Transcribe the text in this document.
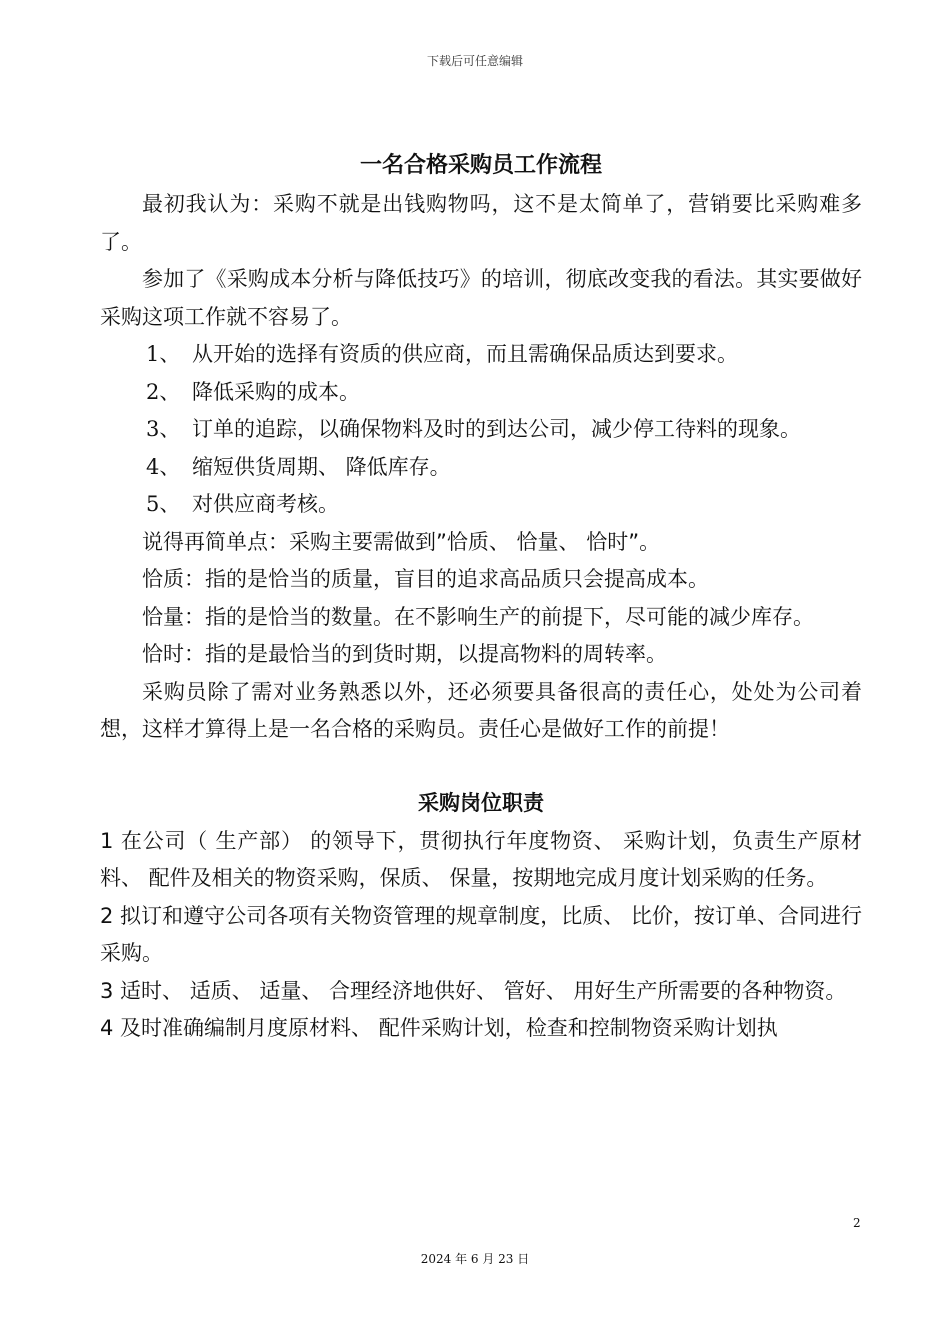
下载后可任意编辑

一名合格采购员工作流程

最初我认为：采购不就是出钱购物吗，这不是太简单了，营销要比采购难多了。

参加了《采购成本分析与降低技巧》的培训，彻底改变我的看法。其实要做好采购这项工作就不容易了。

1、 从开始的选择有资质的供应商，而且需确保品质达到要求。

2、 降低采购的成本。

3、 订单的追踪，以确保物料及时的到达公司，减少停工待料的现象。

4、 缩短供货周期、 降低库存。

5、 对供应商考核。

说得再简单点：采购主要需做到”恰质、 恰量、 恰时”。

恰质：指的是恰当的质量，盲目的追求高品质只会提高成本。

恰量：指的是恰当的数量。在不影响生产的前提下，尽可能的减少库存。

恰时：指的是最恰当的到货时期，以提高物料的周转率。

采购员除了需对业务熟悉以外，还必须要具备很高的责任心，处处为公司着想，这样才算得上是一名合格的采购员。责任心是做好工作的前提！

采购岗位职责

1 在公司（ 生产部） 的领导下，贯彻执行年度物资、 采购计划，负责生产原材料、 配件及相关的物资采购，保质、 保量，按期地完成月度计划采购的任务。

2 拟订和遵守公司各项有关物资管理的规章制度，比质、 比价，按订单、合同进行采购。

3 适时、 适质、 适量、 合理经济地供好、 管好、 用好生产所需要的各种物资。

4 及时准确编制月度原材料、 配件采购计划，检查和控制物资采购计划执

2
2024 年 6 月 23 日
